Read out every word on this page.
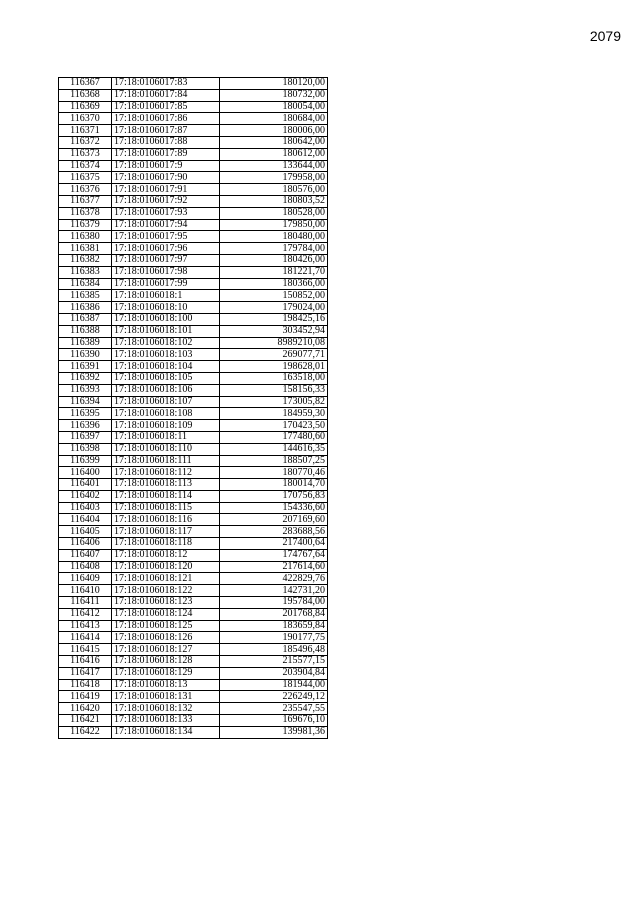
2079
116367	17:18:0106017:83	180120,00
116368	17:18:0106017:84	180732,00
116369	17:18:0106017:85	180054,00
116370	17:18:0106017:86	180684,00
116371	17:18:0106017:87	180006,00
116372	17:18:0106017:88	180642,00
116373	17:18:0106017:89	180612,00
116374	17:18:0106017:9	133644,00
116375	17:18:0106017:90	179958,00
116376	17:18:0106017:91	180576,00
116377	17:18:0106017:92	180803,52
116378	17:18:0106017:93	180528,00
116379	17:18:0106017:94	179850,00
116380	17:18:0106017:95	180480,00
116381	17:18:0106017:96	179784,00
116382	17:18:0106017:97	180426,00
116383	17:18:0106017:98	181221,70
116384	17:18:0106017:99	180366,00
116385	17:18:0106018:1	150852,00
116386	17:18:0106018:10	179024,00
116387	17:18:0106018:100	198425,16
116388	17:18:0106018:101	303452,94
116389	17:18:0106018:102	8989210,08
116390	17:18:0106018:103	269077,71
116391	17:18:0106018:104	198628,01
116392	17:18:0106018:105	163518,00
116393	17:18:0106018:106	158156,33
116394	17:18:0106018:107	173005,82
116395	17:18:0106018:108	184959,30
116396	17:18:0106018:109	170423,50
116397	17:18:0106018:11	177480,60
116398	17:18:0106018:110	144616,35
116399	17:18:0106018:111	188507,25
116400	17:18:0106018:112	180770,46
116401	17:18:0106018:113	180014,70
116402	17:18:0106018:114	170756,83
116403	17:18:0106018:115	154336,60
116404	17:18:0106018:116	207169,60
116405	17:18:0106018:117	283688,56
116406	17:18:0106018:118	217400,64
116407	17:18:0106018:12	174767,64
116408	17:18:0106018:120	217614,60
116409	17:18:0106018:121	422829,76
116410	17:18:0106018:122	142731,20
116411	17:18:0106018:123	195784,00
116412	17:18:0106018:124	201768,84
116413	17:18:0106018:125	183659,84
116414	17:18:0106018:126	190177,75
116415	17:18:0106018:127	185496,48
116416	17:18:0106018:128	215577,15
116417	17:18:0106018:129	203904,84
116418	17:18:0106018:13	181944,00
116419	17:18:0106018:131	226249,12
116420	17:18:0106018:132	235547,55
116421	17:18:0106018:133	169676,10
116422	17:18:0106018:134	139981,36
